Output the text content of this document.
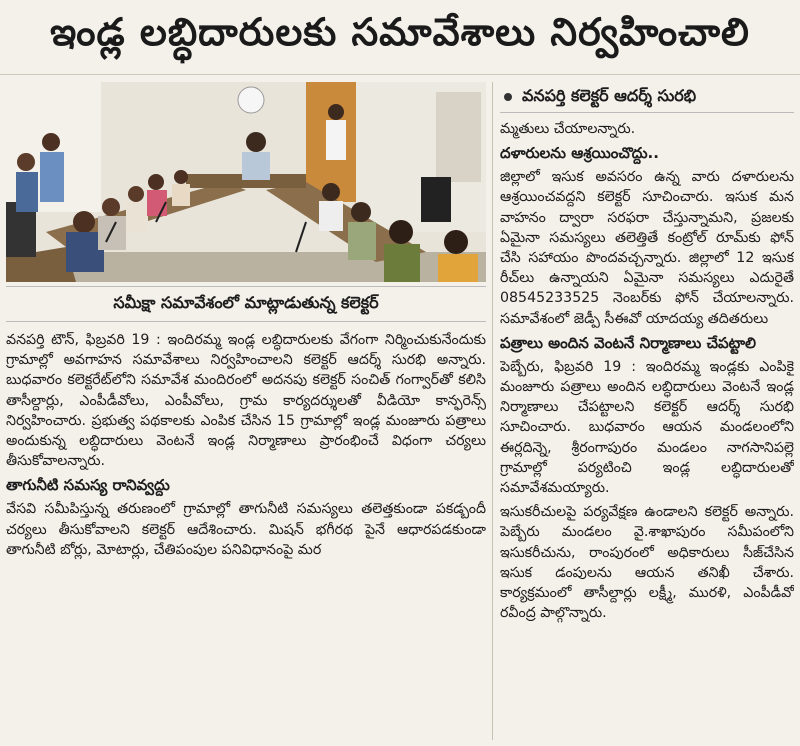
ఇండ్ల లబ్ధిదారులకు సమావేశాలు నిర్వహించాలి
సమీక్షా సమావేశంలో మాట్లాడుతున్న కలెక్టర్

వనపర్తి టౌన్, ఫిబ్రవరి 19 : ఇందిరమ్మ ఇండ్ల లబ్ధిదారులకు వేగంగా నిర్మించుకునేందుకు గ్రామాల్లో అవగాహన సమావేశాలు నిర్వహించాలని కలెక్టర్ ఆదర్శ్ సురభి అన్నారు. బుధవారం కలెక్టరేట్‌లోని సమావేశ మందిరంలో అదనపు కలెక్టర్ సంచిత్ గంగ్వార్‌తో కలిసి తాసీల్దార్లు, ఎంపీడీవోలు, ఎంపీవోలు, గ్రామ కార్యదర్శులతో వీడియో కాన్ఫరెన్స్ నిర్వహించారు. ప్రభుత్వ పథకాలకు ఎంపిక చేసిన 15 గ్రామాల్లో ఇండ్ల మంజూరు పత్రాలు అందుకున్న లబ్ధిదారులు వెంటనే ఇండ్ల నిర్మాణాలు ప్రారంభించే విధంగా చర్యలు తీసుకోవాలన్నారు.

తాగునీటి సమస్య రానివ్వద్దు

వేసవి సమీపిస్తున్న తరుణంలో గ్రామాల్లో తాగునీటి సమస్యలు తలెత్తకుండా పకడ్బందీ చర్యలు తీసుకోవాలని కలెక్టర్ ఆదేశించారు. మిషన్ భగీరథ పైనే ఆధారపడకుండా తాగునీటి బోర్లు, మోటార్లు, చేతిపంపుల పనివిధానంపై మర

వనపర్తి కలెక్టర్ ఆదర్శ్ సురభి

మ్మతులు చేయాలన్నారు.

దళారులను ఆశ్రయించొద్దు..

జిల్లాలో ఇసుక అవసరం ఉన్న వారు దళారులను ఆశ్రయించవద్దని కలెక్టర్ సూచించారు. ఇసుక మన వాహనం ద్వారా సరఫరా చేస్తున్నామని, ప్రజలకు ఏమైనా సమస్యలు తలెత్తితే కంట్రోల్ రూమ్‌కు ఫోన్ చేసి సహాయం పొందవచ్చన్నారు. జిల్లాలో 12 ఇసుక రీచ్‌లు ఉన్నాయని ఏమైనా సమస్యలు ఎదురైతే 08545233525 నెంబర్‌కు ఫోన్ చేయాలన్నారు. సమావేశంలో జెడ్పీ సీఈవో యాదయ్య తదితరులు

పత్రాలు అందిన వెంటనే నిర్మాణాలు చేపట్టాలి

పెబ్బేరు, ఫిబ్రవరి 19 : ఇందిరమ్మ ఇండ్లకు ఎంపికై మంజూరు పత్రాలు అందిన లబ్ధిదారులు వెంటనే ఇండ్ల నిర్మాణాలు చేపట్టాలని కలెక్టర్ ఆదర్శ్ సురభి సూచించారు. బుధవారం ఆయన మండలంలోని ఈర్లదిన్నె, శ్రీరంగాపురం మండలం నాగసానిపల్లె గ్రామాల్లో పర్యటించి ఇండ్ల లబ్ధిదారులతో సమావేశమయ్యారు.

ఇసుకరీచులపై పర్యవేక్షణ ఉండాలని కలెక్టర్ అన్నారు. పెబ్బేరు మండలం వై.శాఖాపురం సమీపంలోని ఇసుకరీచును, రాంపురంలో అధికారులు సీజ్‌చేసిన ఇసుక డంపులను ఆయన తనిఖీ చేశారు. కార్యక్రమంలో తాసీల్దార్లు లక్ష్మీ, మురళి, ఎంపీడీవో రవీంద్ర పాల్గొన్నారు.
